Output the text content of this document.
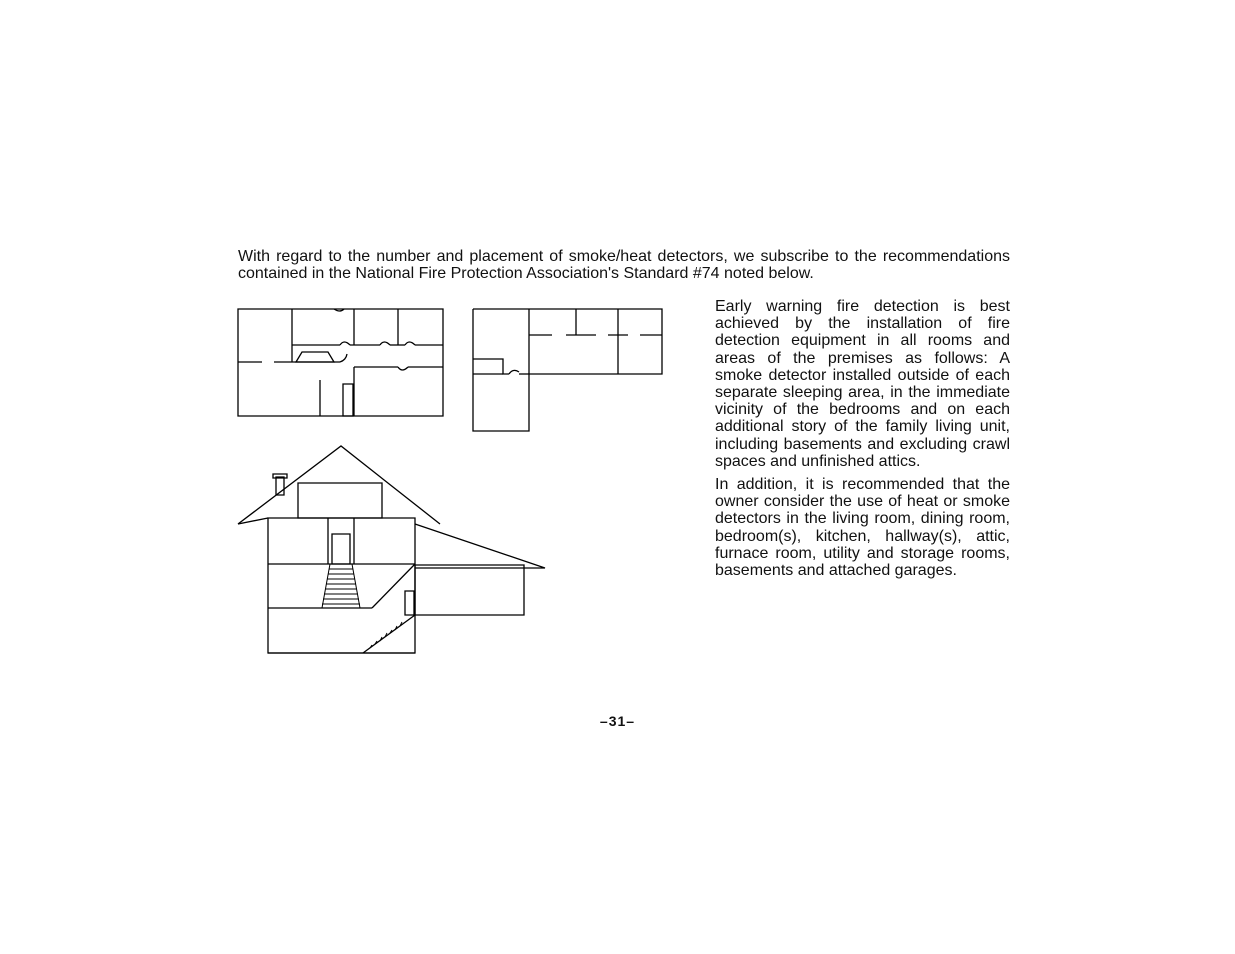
With regard to the number and placement of smoke/heat detectors, we subscribe to the recommendations contained in the National Fire Protection Association's Standard #74 noted below.

Early warning fire detection is best achieved by the installation of fire detection equipment in all rooms and areas of the premises as follows: A smoke detector installed outside of each separate sleeping area, in the immediate vicinity of the bedrooms and on each additional story of the family living unit, including basements and excluding crawl spaces and unfinished attics.

In addition, it is recommended that the owner consider the use of heat or smoke detectors in the living room, dining room, bedroom(s), kitchen, hallway(s), attic, furnace room, utility and storage rooms, basements and attached garages.

–31–
